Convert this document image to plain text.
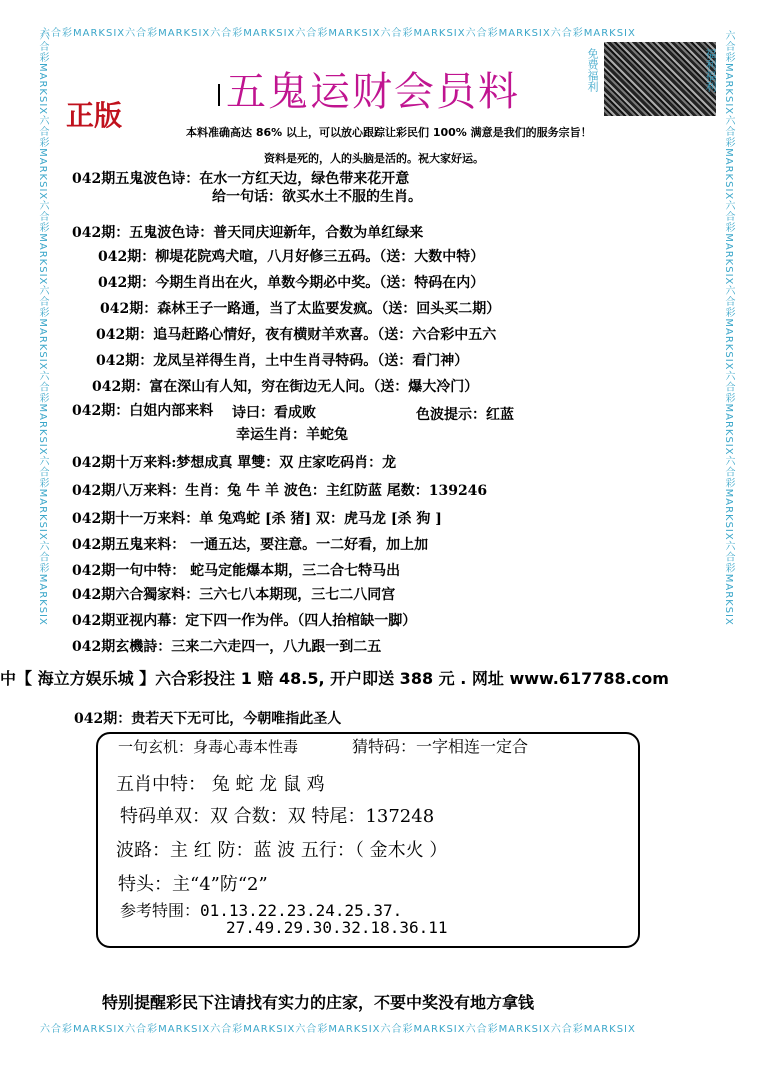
六合彩MARKSIX六合彩MARKSIX六合彩MARKSIX六合彩MARKSIX六合彩MARKSIX六合彩MARKSIX六合彩MARKSIX
六合彩MARKSIX六合彩MARKSIX六合彩MARKSIX六合彩MARKSIX六合彩MARKSIX六合彩MARKSIX六合彩MARKSIX
六合彩MARKSIX六合彩MARKSIX六合彩MARKSIX六合彩MARKSIX六合彩MARKSIX六合彩MARKSIX六合彩MARKSIX	六合彩MARKSIX六合彩MARKSIX六合彩MARKSIX六合彩MARKSIX六合彩MARKSIX六合彩MARKSIX六合彩MARKSIX
五鬼运财会员料
正版
免费福利	福利福利
本料准确高达 86% 以上，可以放心跟踪让彩民们 100% 满意是我们的服务宗旨！
资料是死的，人的头脑是活的。祝大家好运。
042期五鬼波色诗：在水一方红天边，绿色带来花开意
给一句话：欲买水土不服的生肖。
042期：五鬼波色诗：普天同庆迎新年，合数为单红绿来
042期：柳堤花院鸡犬喧，八月好修三五码。（送：大数中特）
042期：今期生肖出在火，单数今期必中奖。（送：特码在内）
042期：森林王子一路通，当了太监要发疯。（送：回头买二期）
042期：追马赶路心情好，夜有横财羊欢喜。（送：六合彩中五六
042期：龙凤呈祥得生肖，土中生肖寻特码。（送：看门神）
042期：富在深山有人知，穷在街边无人问。（送：爆大冷门）
042期：白姐内部来料 诗曰：看成败	色波提示：红蓝
幸运生肖：羊蛇兔
042期十万来料:梦想成真 單雙：双 庄家吃码肖：龙
042期八万来料：生肖：兔 牛 羊 波色：主红防蓝 尾数：139246
042期十一万来料：单 兔鸡蛇 [杀 猪] 双：虎马龙 [杀 狗 ]
042期五鬼来料： 一通五达，要注意。一二好看，加上加
042期一句中特： 蛇马定能爆本期，三二合七特马出
042期六合獨家料：三六七八本期现，三七二八同宫
042期亚视内幕：定下四一作为伴。（四人抬棺缺一脚）
042期玄機詩：三来二六走四一，八九跟一到二五
中【 海立方娱乐城 】六合彩投注 1 赔 48.5, 开户即送 388 元 . 网址 www.617788.com
042期：贵若天下无可比，今朝唯指此圣人
一句玄机：身毒心毒本性毒	猜特码：一字相连一定合
五肖中特： 兔 蛇 龙 鼠 鸡
特码单双：双 合数：双 特尾：137248
波路：主 红 防：蓝 波 五行：（ 金木火 ）
特头：主“4”防“2”
参考特围：01.13.22.23.24.25.37.
27.49.29.30.32.18.36.11
特别提醒彩民下注请找有实力的庄家，不要中奖没有地方拿钱
